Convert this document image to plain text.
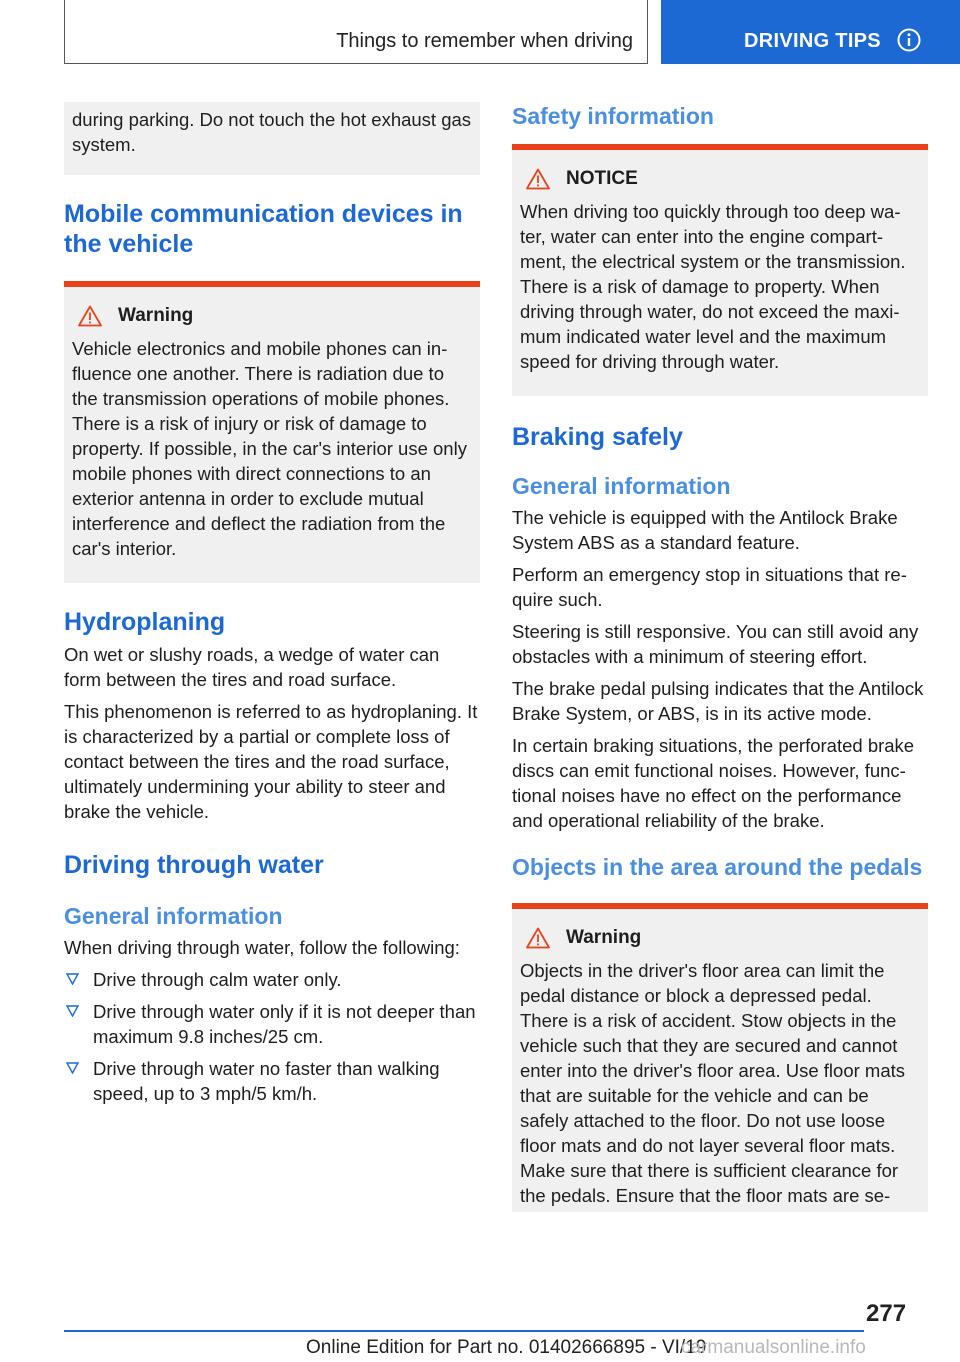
Things to remember when driving	DRIVING TIPS

during parking. Do not touch the hot exhaust gas system.

Mobile communication devices in the vehicle
Warning

Vehicle electronics and mobile phones can influence one another. There is radiation due to the transmission operations of mobile phones. There is a risk of injury or risk of damage to property. If possible, in the car's interior use only mobile phones with direct connections to an exterior antenna in order to exclude mutual interference and deflect the radiation from the car's interior.

Hydroplaning

On wet or slushy roads, a wedge of water can form between the tires and road surface.

This phenomenon is referred to as hydroplaning. It is characterized by a partial or complete loss of contact between the tires and the road surface, ultimately undermining your ability to steer and brake the vehicle.

Driving through water
General information

When driving through water, follow the following:

Drive through calm water only.
Drive through water only if it is not deeper than maximum 9.8 inches/25 cm.
Drive through water no faster than walking speed, up to 3 mph/5 km/h.
Safety information
NOTICE

When driving too quickly through too deep water, water can enter into the engine compartment, the electrical system or the transmission. There is a risk of damage to property. When driving through water, do not exceed the maximum indicated water level and the maximum speed for driving through water.

Braking safely
General information

The vehicle is equipped with the Antilock Brake System ABS as a standard feature.

Perform an emergency stop in situations that require such.

Steering is still responsive. You can still avoid any obstacles with a minimum of steering effort.

The brake pedal pulsing indicates that the Antilock Brake System, or ABS, is in its active mode.

In certain braking situations, the perforated brake discs can emit functional noises. However, functional noises have no effect on the performance and operational reliability of the brake.

Objects in the area around the pedals
Warning

Objects in the driver's floor area can limit the pedal distance or block a depressed pedal. There is a risk of accident. Stow objects in the vehicle such that they are secured and cannot enter into the driver's floor area. Use floor mats that are suitable for the vehicle and can be safely attached to the floor. Do not use loose floor mats and do not layer several floor mats. Make sure that there is sufficient clearance for the pedals. Ensure that the floor mats are se-

277
Online Edition for Part no. 01402666895 - VI/19
carmanualsonline.info
